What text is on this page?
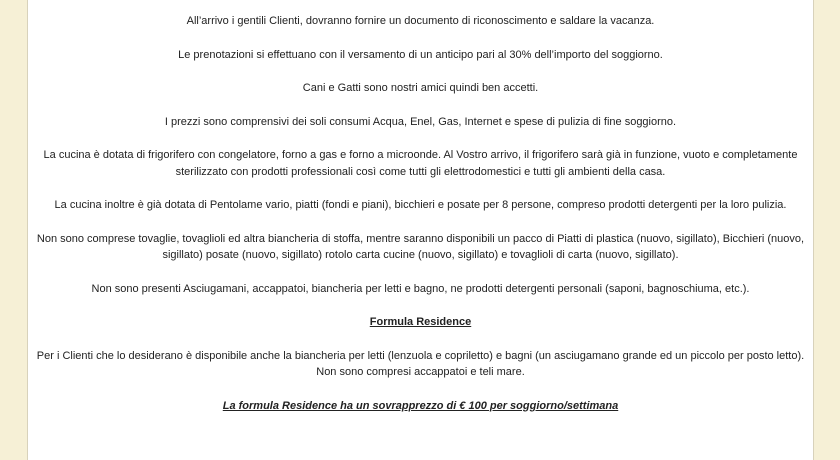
All’arrivo i gentili Clienti, dovranno fornire un documento di riconoscimento e saldare la vacanza.

Le prenotazioni si effettuano con il versamento di un anticipo pari al 30% dell’importo del soggiorno.

Cani e Gatti sono nostri amici quindi ben accetti.

I prezzi sono comprensivi dei soli consumi Acqua, Enel, Gas, Internet e spese di pulizia di fine soggiorno.

La cucina è dotata di frigorifero con congelatore, forno a gas e forno a microonde. Al Vostro arrivo, il frigorifero sarà già in funzione, vuoto e completamente sterilizzato con prodotti professionali così come tutti gli elettrodomestici e tutti gli ambienti della casa.

La cucina inoltre è già dotata di Pentolame vario, piatti (fondi e piani), bicchieri e posate per 8 persone, compreso prodotti detergenti per la loro pulizia.

Non sono comprese tovaglie, tovaglioli ed altra biancheria di stoffa, mentre saranno disponibili un pacco di Piatti di plastica (nuovo, sigillato), Bicchieri (nuovo, sigillato) posate (nuovo, sigillato) rotolo carta cucine (nuovo, sigillato) e tovaglioli di carta (nuovo, sigillato).

Non sono presenti Asciugamani, accappatoi, biancheria per letti e bagno, ne prodotti detergenti personali (saponi, bagnoschiuma, etc.).

Formula Residence

Per i Clienti che lo desiderano è disponibile anche la biancheria per letti (lenzuola e copriletto) e bagni (un asciugamano grande ed un piccolo per posto letto).

Non sono compresi accappatoi e teli mare.

La formula Residence ha un sovrapprezzo di € 100 per soggiorno/settimana
